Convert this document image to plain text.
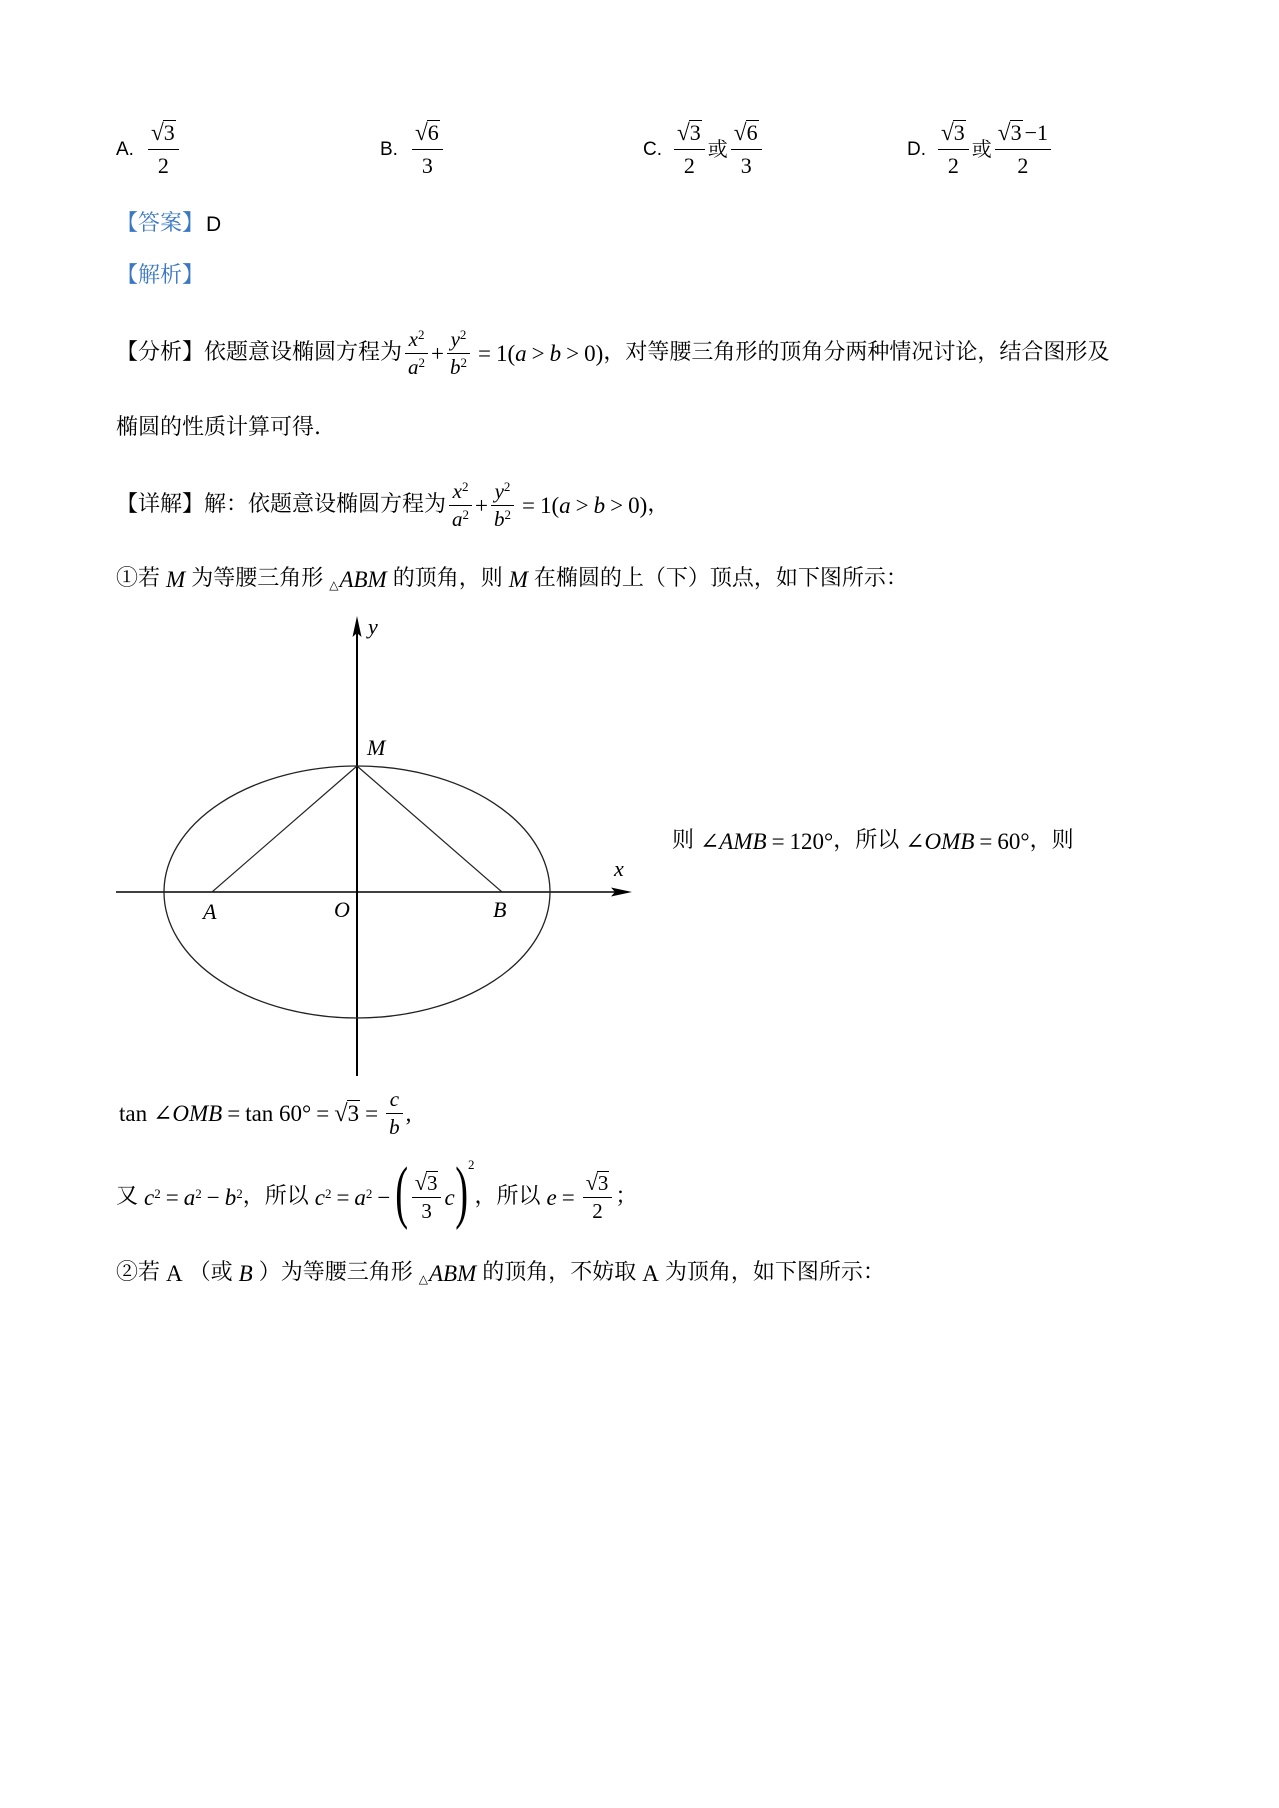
A. $\frac{√3}{2}$	B. $\frac{√6}{3}$	C. $\frac{√3}{2}$ 或 $\frac{√6}{3}$	D. $\frac{√3}{2}$ 或 $\frac{√3 -1}{2}$
【答案】 D
【解析】
【分析】 依题意设椭圆方程为 $\frac{x^2}{a^2} + \frac{y^2}{b^2} = 1(a > b > 0)$ ，对等腰三角形的顶角分两种情况讨论，结合图形及
椭圆的性质计算可得.
【详解】 解：依题意设椭圆方程为 $\frac{x^2}{a^2} + \frac{y^2}{b^2} = 1(a > b > 0)$ ，
①若 M 为等腰三角形 △ABM 的顶角，则 M 在椭圆的上（下）顶点，如下图所示：
y
M
x
A	O	B
则 ∠AMB = 120° ，所以 ∠OMB = 60° ，则
tan ∠OMB = $\tan 60^\circ = √3 = \frac{c}{b}$ ,
又 $c^2 = a^2 - b^2$ ，所以 $c^2 = a^2$ − ( $\frac{√3}{3}$ c ) 2
，所以 $e = \frac{√3}{2}$ ；
②若 A （或 B ）为等腰三角形 △ABM 的顶角，不妨取 A 为顶角，如下图所示：
